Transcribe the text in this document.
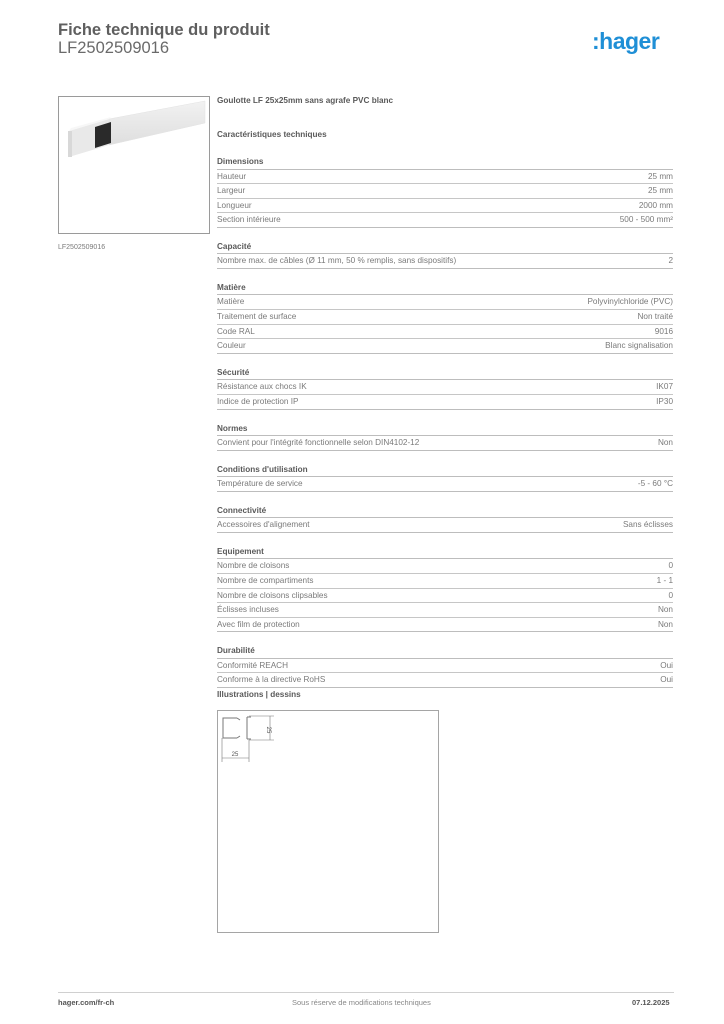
Fiche technique du produit
LF2502509016	:hager
LF2502509016
Goulotte LF 25x25mm sans agrafe PVC blanc
Caractéristiques techniques
Dimensions
Hauteur	25 mm
Largeur	25 mm
Longueur	2000 mm
Section intérieure	500 - 500 mm²
Capacité
Nombre max. de câbles (Ø 11 mm, 50 % remplis, sans dispositifs)	2
Matière
Matière	Polyvinylchloride (PVC)
Traitement de surface	Non traité
Code RAL	9016
Couleur	Blanc signalisation
Sécurité
Résistance aux chocs IK	IK07
Indice de protection IP	IP30
Normes
Convient pour l'intégrité fonctionnelle selon DIN4102-12	Non
Conditions d'utilisation
Température de service	-5 - 60 °C
Connectivité
Accessoires d'alignement	Sans éclisses
Equipement
Nombre de cloisons	0
Nombre de compartiments	1 - 1
Nombre de cloisons clipsables	0
Éclisses incluses	Non
Avec film de protection	Non
Durabilité
Conformité REACH	Oui
Conforme à la directive RoHS	Oui
Illustrations | dessins
25
25
hager.com/fr-ch	Sous réserve de modifications techniques	07.12.2025
